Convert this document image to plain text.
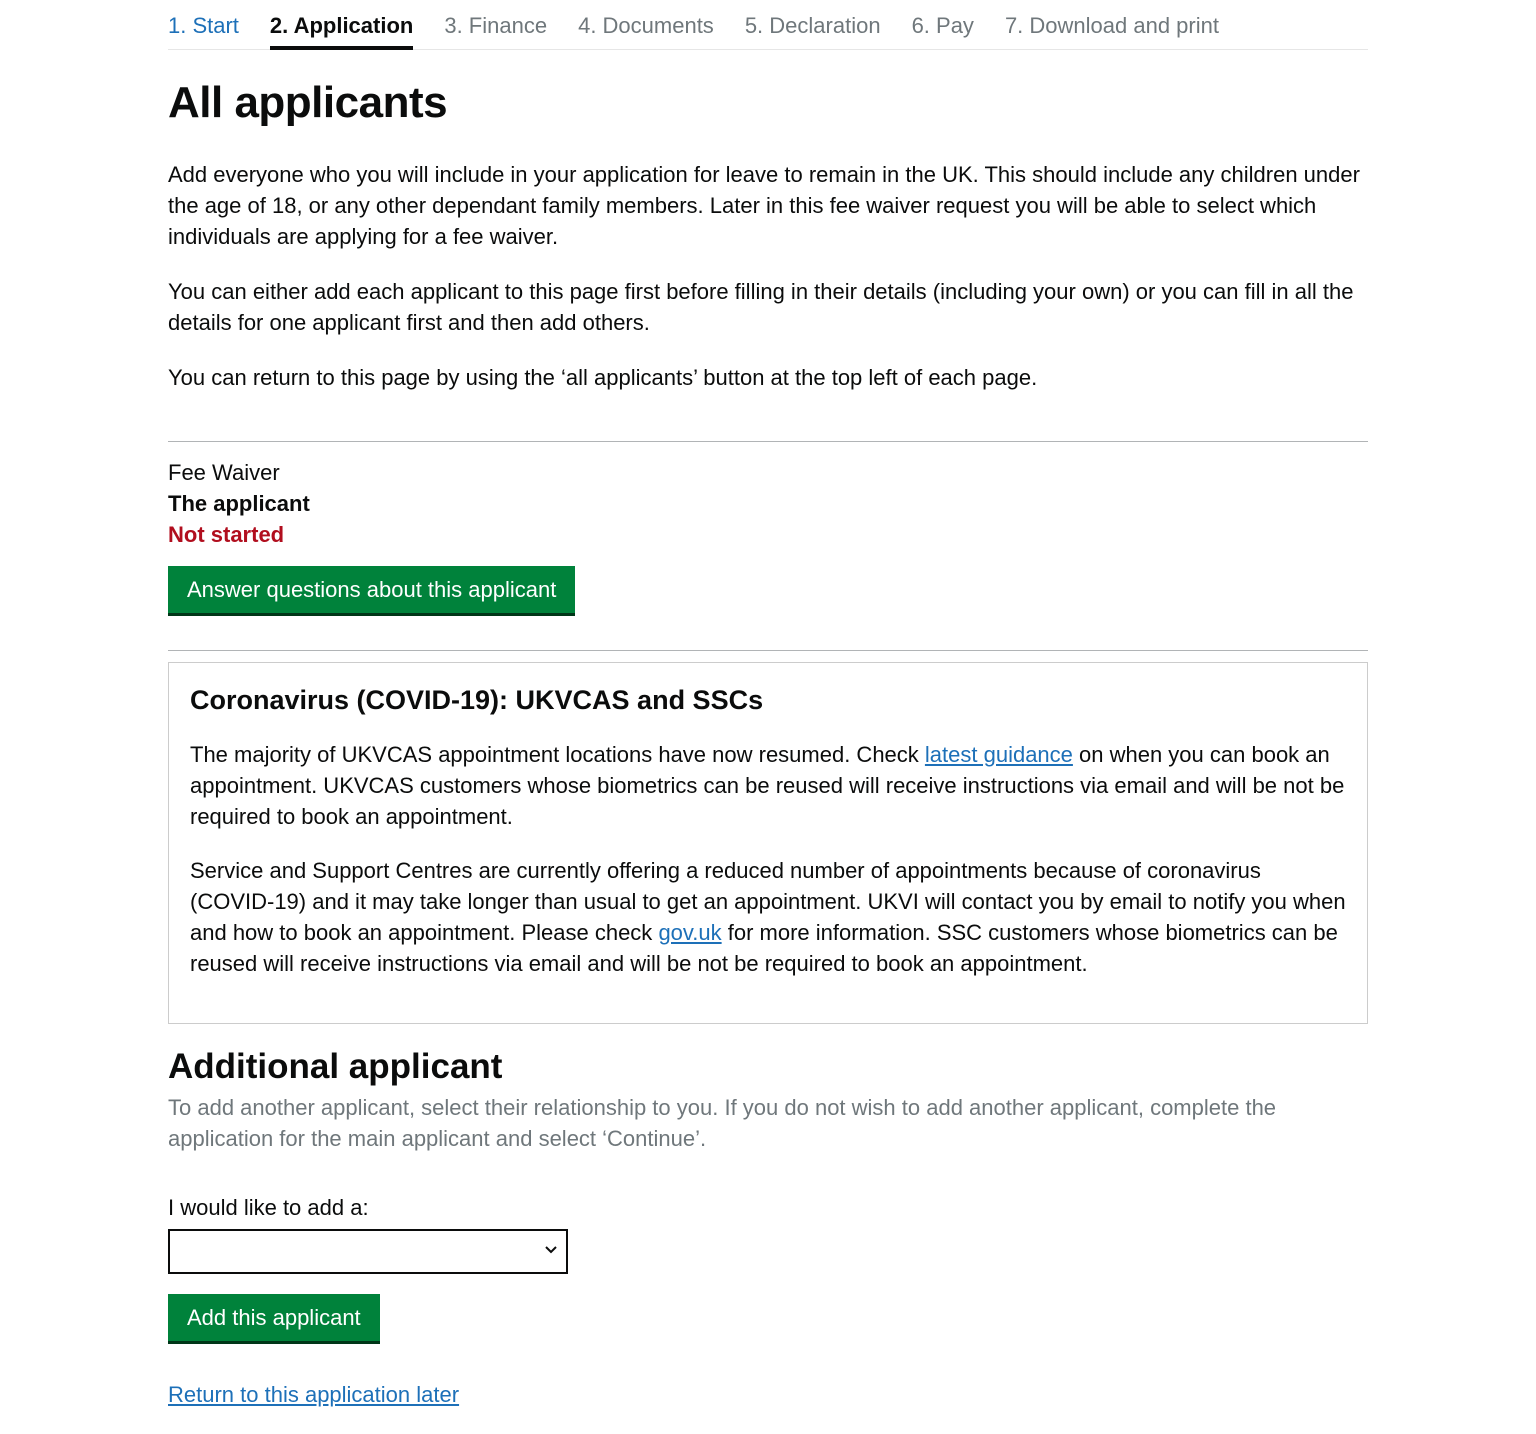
1. Start 2. Application 3. Finance 4. Documents 5. Declaration 6. Pay 7. Download and print
All applicants

Add everyone who you will include in your application for leave to remain in the UK. This should include any children under the age of 18, or any other dependant family members. Later in this fee waiver request you will be able to select which individuals are applying for a fee waiver.

You can either add each applicant to this page first before filling in their details (including your own) or you can fill in all the details for one applicant first and then add others.

You can return to this page by using the ‘all applicants’ button at the top left of each page.

Fee Waiver
The applicant
Not started
Answer questions about this applicant
Coronavirus (COVID-19): UKVCAS and SSCs

The majority of UKVCAS appointment locations have now resumed. Check latest guidance on when you can book an appointment. UKVCAS customers whose biometrics can be reused will receive instructions via email and will be not be required to book an appointment.

Service and Support Centres are currently offering a reduced number of appointments because of coronavirus (COVID-19) and it may take longer than usual to get an appointment. UKVI will contact you by email to notify you when and how to book an appointment. Please check gov.uk for more information. SSC customers whose biometrics can be reused will receive instructions via email and will be not be required to book an appointment.

Additional applicant

To add another applicant, select their relationship to you. If you do not wish to add another applicant, complete the application for the main applicant and select ‘Continue’.

I would like to add a:
Add this applicant
Return to this application later
